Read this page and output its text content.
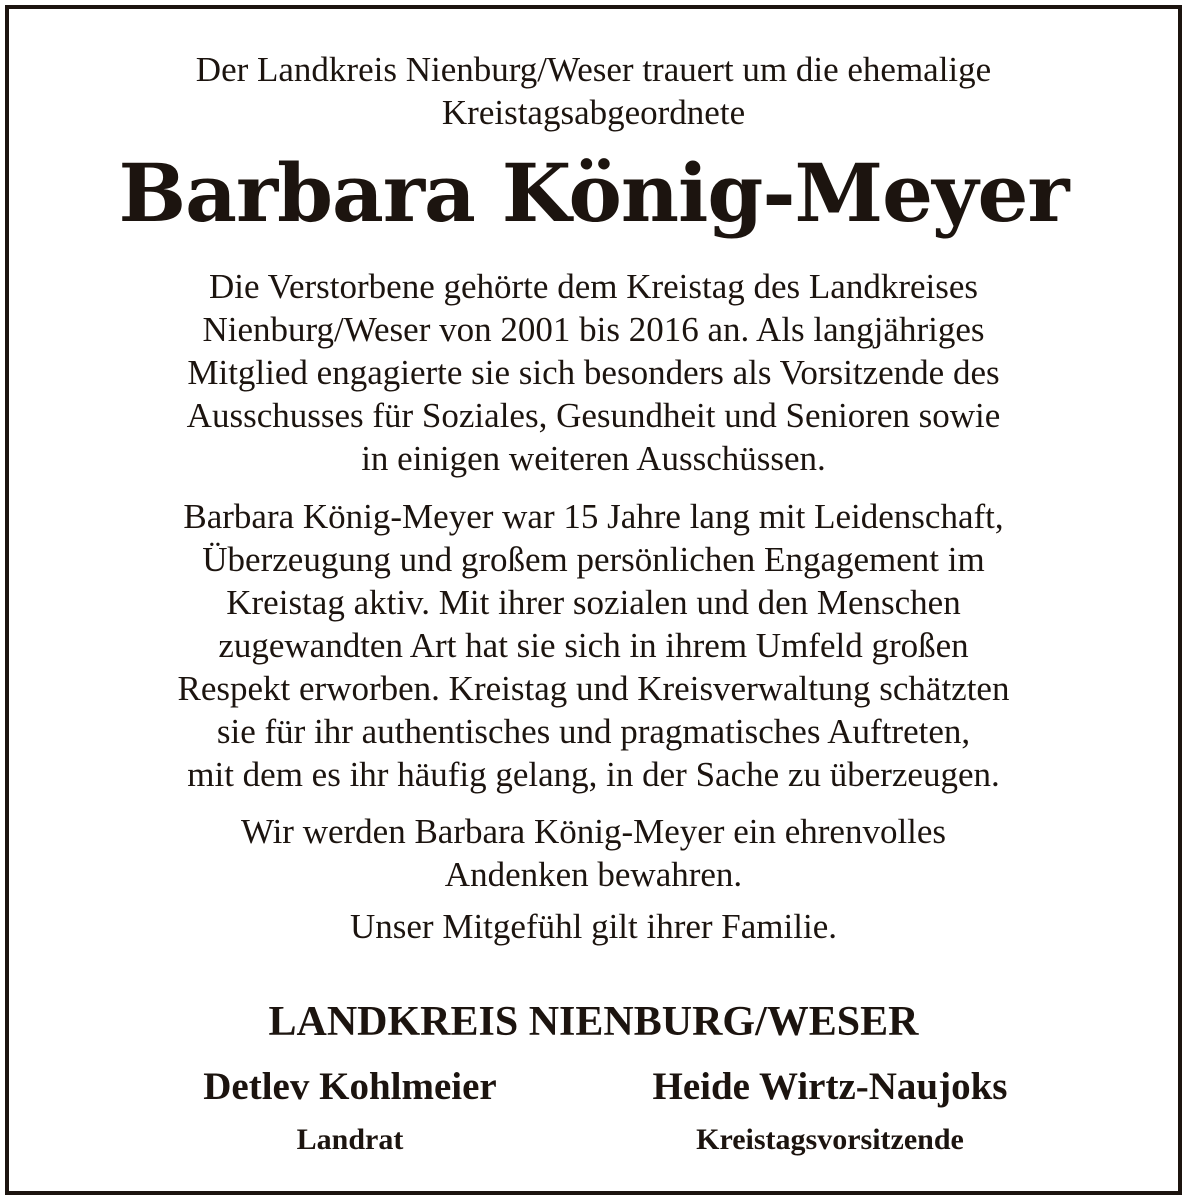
Der Landkreis Nienburg/Weser trauert um die ehemalige
Kreistagsabgeordnete
Barbara König-Meyer
Die Verstorbene gehörte dem Kreistag des Landkreises
Nienburg/Weser von 2001 bis 2016 an. Als langjähriges
Mitglied engagierte sie sich besonders als Vorsitzende des
Ausschusses für Soziales, Gesundheit und Senioren sowie
in einigen weiteren Ausschüssen.
Barbara König-Meyer war 15 Jahre lang mit Leidenschaft,
Überzeugung und großem persönlichen Engagement im
Kreistag aktiv. Mit ihrer sozialen und den Menschen
zugewandten Art hat sie sich in ihrem Umfeld großen
Respekt erworben. Kreistag und Kreisverwaltung schätzten
sie für ihr authentisches und pragmatisches Auftreten,
mit dem es ihr häufig gelang, in der Sache zu überzeugen.
Wir werden Barbara König-Meyer ein ehrenvolles
Andenken bewahren.
Unser Mitgefühl gilt ihrer Familie.
LANDKREIS NIENBURG/WESER
Detlev Kohlmeier
Landrat
Heide Wirtz-Naujoks
Kreistagsvorsitzende
